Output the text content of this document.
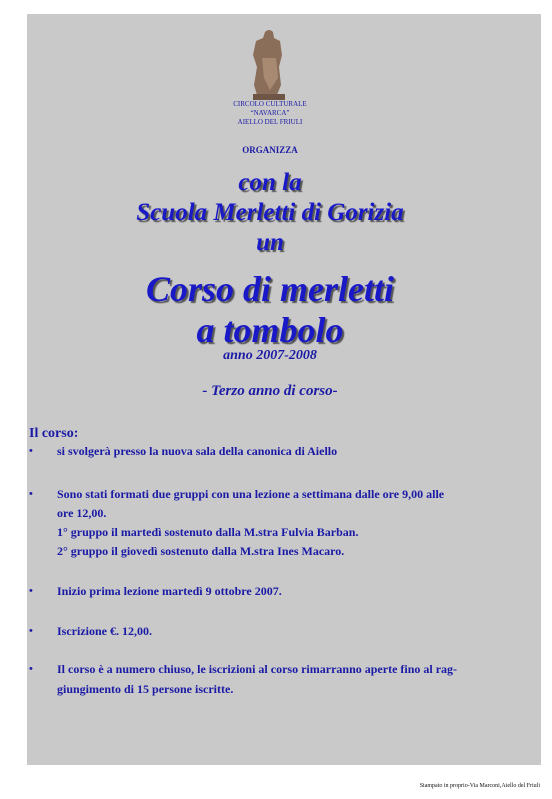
CIRCOLO CULTURALE
“NAVARCA”
AIELLO DEL FRIULI
ORGANIZZA
con la
Scuola Merletti di Gorizia
un
Corso di merletti
a tombolo
anno 2007-2008
- Terzo anno di corso-
Il corso:
• si svolgerà presso la nuova sala della canonica di Aiello
• Sono stati formati due gruppi con una lezione a settimana dalle ore 9,00 alle
ore 12,00.
1° gruppo il martedì sostenuto dalla M.stra Fulvia Barban.
2° gruppo il giovedì sostenuto dalla M.stra Ines Macaro.
• Inizio prima lezione martedì 9 ottobre 2007.
• Iscrizione €. 12,00.
• Il corso è a numero chiuso, le iscrizioni al corso rimarranno aperte fino al rag-
giungimento di 15 persone iscritte.
Stampato in proprio-Via Marconi,Aiello del Friuli
